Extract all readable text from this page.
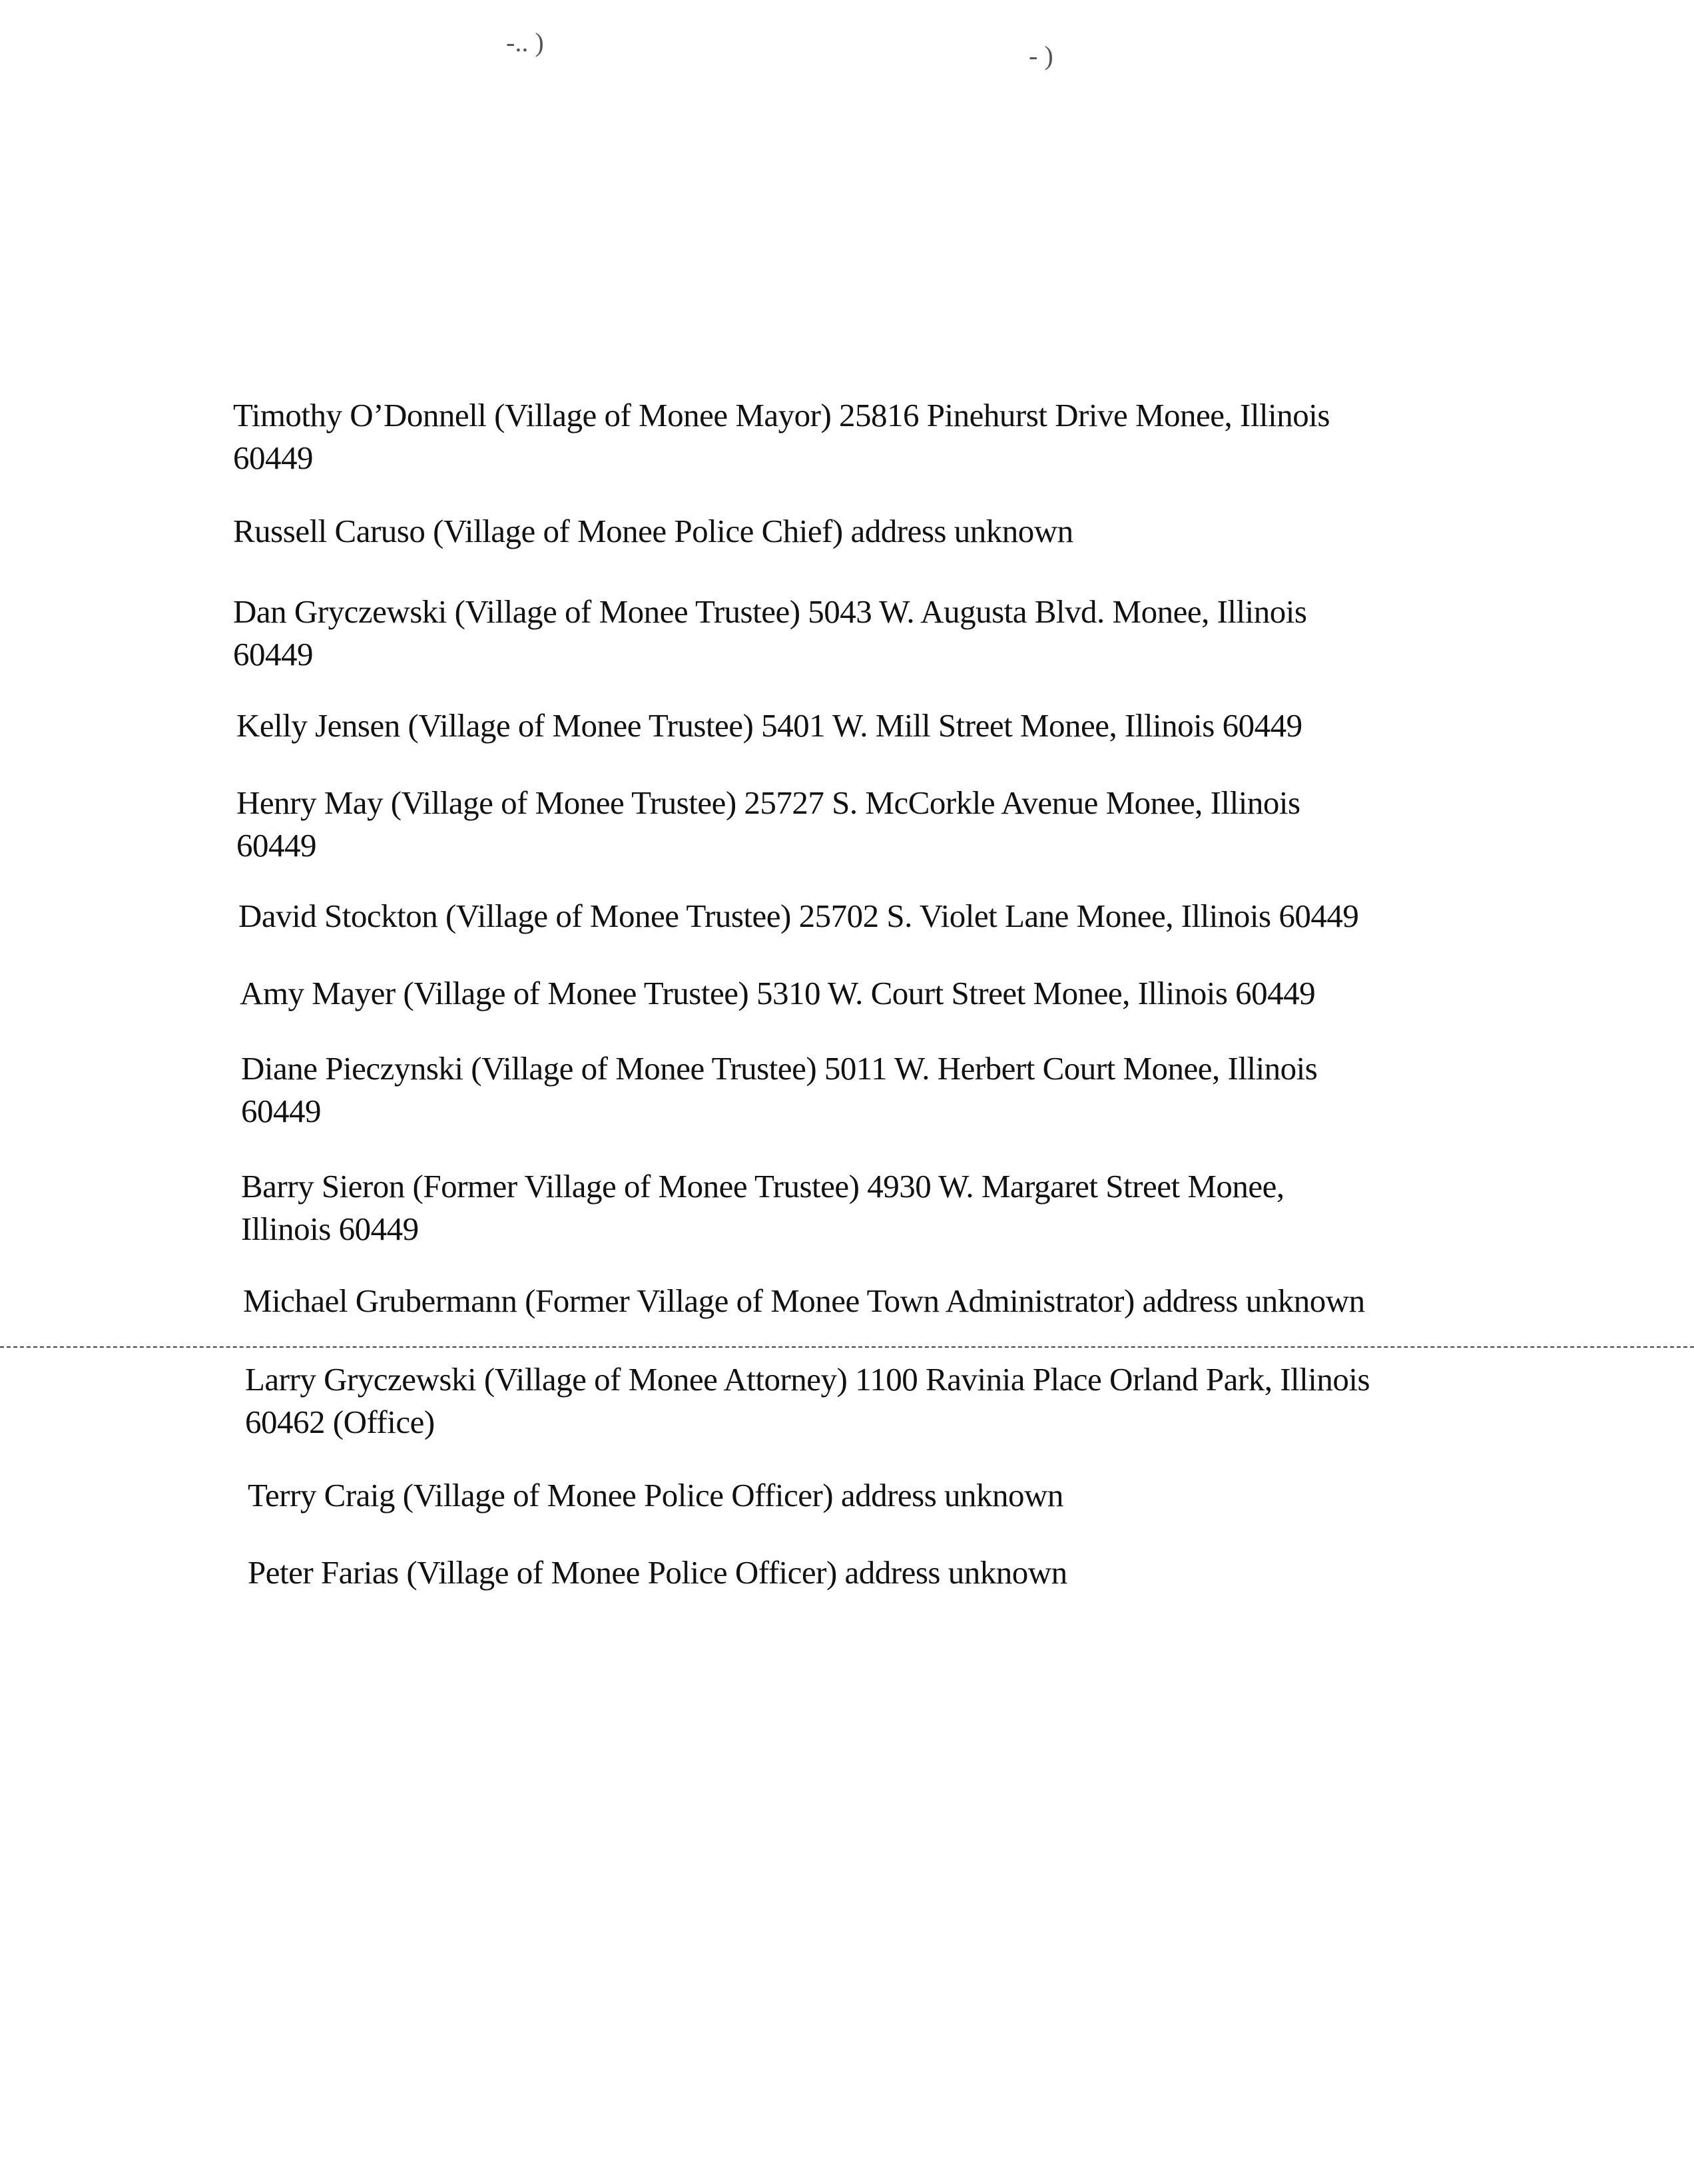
-.. )	- )
Timothy O’Donnell (Village of Monee Mayor) 25816 Pinehurst Drive Monee, Illinois
60449
Russell Caruso (Village of Monee Police Chief) address unknown
Dan Gryczewski (Village of Monee Trustee) 5043 W. Augusta Blvd. Monee, Illinois
60449
Kelly Jensen (Village of Monee Trustee) 5401 W. Mill Street Monee, Illinois 60449
Henry May (Village of Monee Trustee) 25727 S. McCorkle Avenue Monee, Illinois
60449
David Stockton (Village of Monee Trustee) 25702 S. Violet Lane Monee, Illinois 60449
Amy Mayer (Village of Monee Trustee) 5310 W. Court Street Monee, Illinois 60449
Diane Pieczynski (Village of Monee Trustee) 5011 W. Herbert Court Monee, Illinois
60449
Barry Sieron (Former Village of Monee Trustee) 4930 W. Margaret Street Monee,
Illinois 60449
Michael Grubermann (Former Village of Monee Town Administrator) address unknown
Larry Gryczewski (Village of Monee Attorney) 1100 Ravinia Place Orland Park, Illinois
60462 (Office)
Terry Craig (Village of Monee Police Officer) address unknown
Peter Farias (Village of Monee Police Officer) address unknown
